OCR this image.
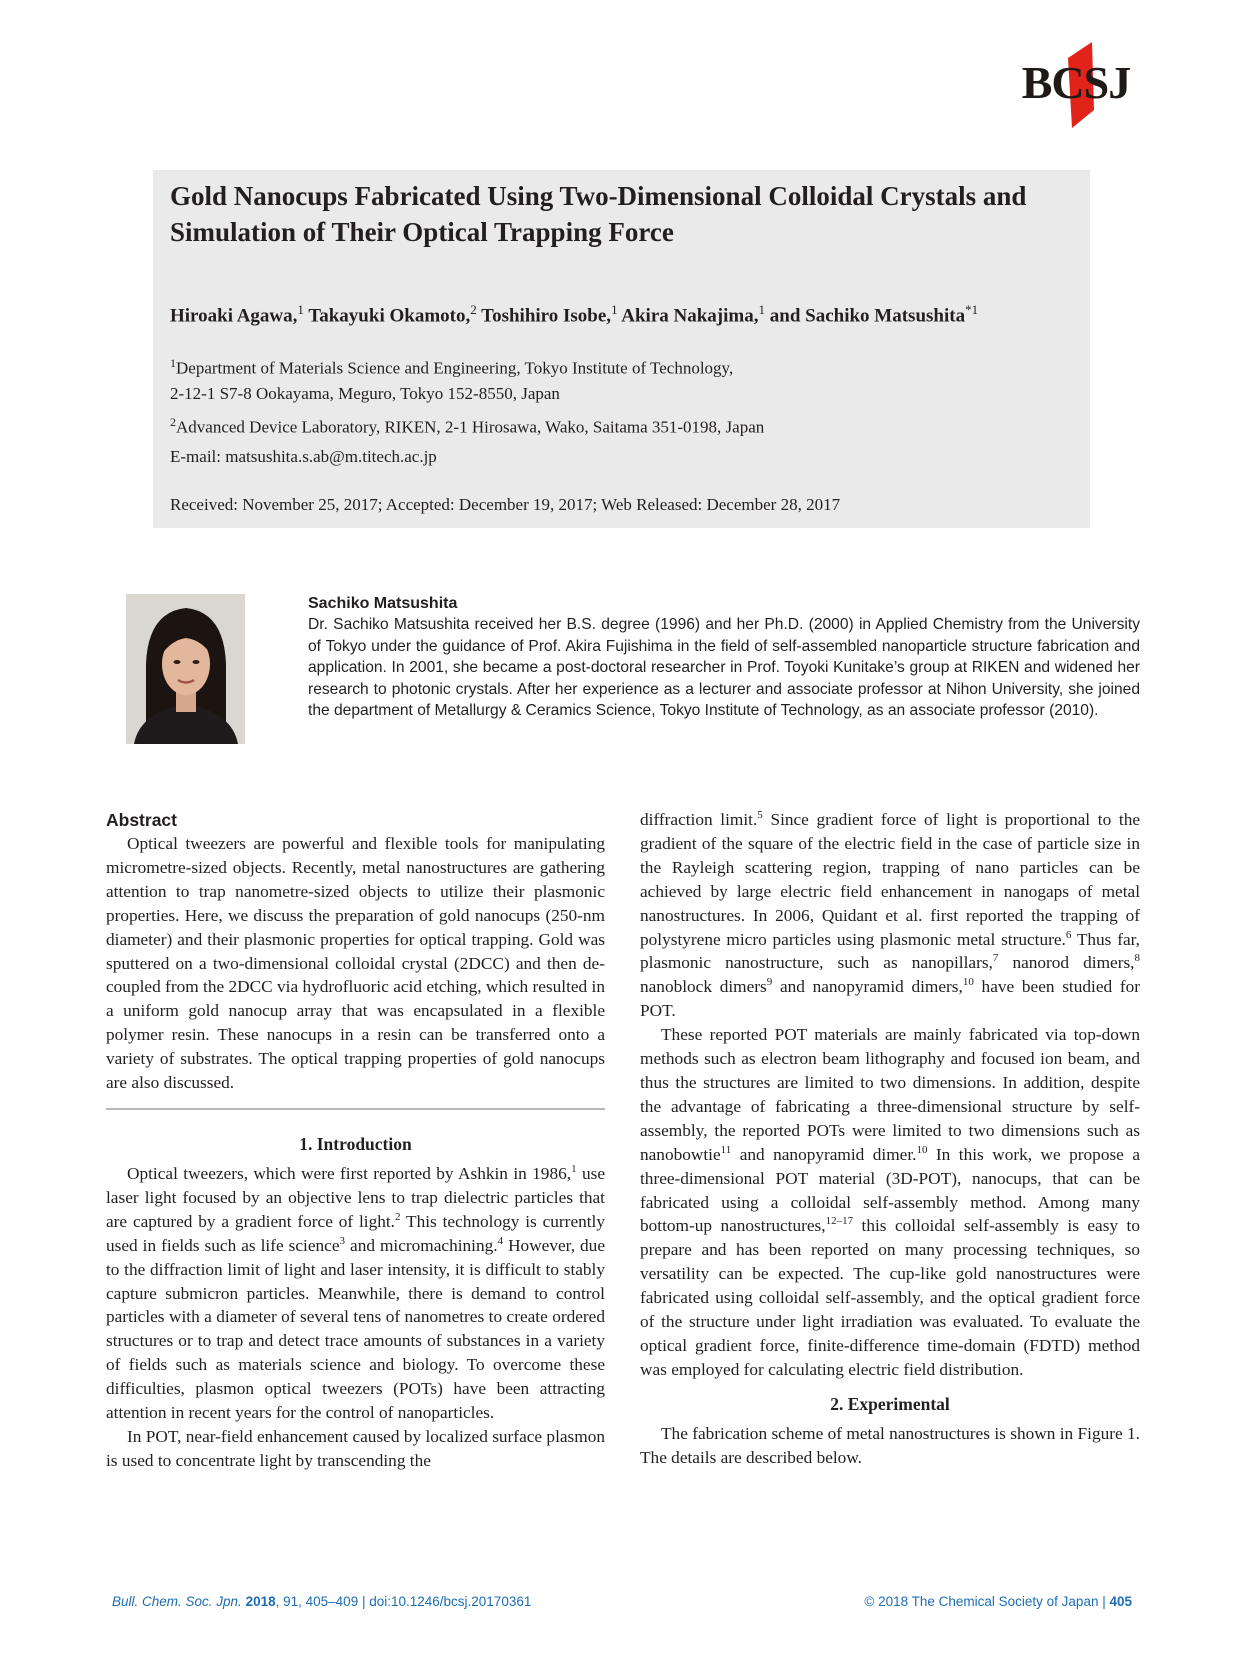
BCSJ
Gold Nanocups Fabricated Using Two-Dimensional Colloidal Crystals and Simulation of Their Optical Trapping Force

Hiroaki Agawa,$^1$ Takayuki Okamoto,$^2$ Toshihiro Isobe,$^1$ Akira Nakajima,$^1$ and Sachiko Matsushita$^{*1}$

$^1$Department of Materials Science and Engineering, Tokyo Institute of Technology,
2-12-1 S7-8 Ookayama, Meguro, Tokyo 152-8550, Japan
$^2$Advanced Device Laboratory, RIKEN, 2-1 Hirosawa, Wako, Saitama 351-0198, Japan

E-mail: matsushita.s.ab@m.titech.ac.jp

Received: November 25, 2017; Accepted: December 19, 2017; Web Released: December 28, 2017

Sachiko Matsushita

Dr. Sachiko Matsushita received her B.S. degree (1996) and her Ph.D. (2000) in Applied Chemistry from the University of Tokyo under the guidance of Prof. Akira Fujishima in the field of self-assembled nanoparticle structure fabrication and application. In 2001, she became a post-doctoral researcher in Prof. Toyoki Kunitake’s group at RIKEN and widened her research to photonic crystals. After her experience as a lecturer and associate professor at Nihon University, she joined the department of Metallurgy & Ceramics Science, Tokyo Institute of Technology, as an associate professor (2010).

Abstract

Optical tweezers are powerful and flexible tools for manipulating micrometre-sized objects. Recently, metal nanostructures are gathering attention to trap nanometre-sized objects to utilize their plasmonic properties. Here, we discuss the preparation of gold nanocups (250-nm diameter) and their plasmonic properties for optical trapping. Gold was sputtered on a two-dimensional colloidal crystal (2DCC) and then de-coupled from the 2DCC via hydrofluoric acid etching, which resulted in a uniform gold nanocup array that was encapsulated in a flexible polymer resin. These nanocups in a resin can be transferred onto a variety of substrates. The optical trapping properties of gold nanocups are also discussed.

1. Introduction

Optical tweezers, which were first reported by Ashkin in 1986,$^1$ use laser light focused by an objective lens to trap dielectric particles that are captured by a gradient force of light.$^2$ This technology is currently used in fields such as life science$^3$ and micromachining.$^4$ However, due to the diffraction limit of light and laser intensity, it is difficult to stably capture submicron particles. Meanwhile, there is demand to control particles with a diameter of several tens of nanometres to create ordered structures or to trap and detect trace amounts of substances in a variety of fields such as materials science and biology. To overcome these difficulties, plasmon optical tweezers (POTs) have been attracting attention in recent years for the control of nanoparticles.

In POT, near-field enhancement caused by localized surface plasmon is used to concentrate light by transcending the

diffraction limit.$^5$ Since gradient force of light is proportional to the gradient of the square of the electric field in the case of particle size in the Rayleigh scattering region, trapping of nano particles can be achieved by large electric field enhancement in nanogaps of metal nanostructures. In 2006, Quidant et al. first reported the trapping of polystyrene micro particles using plasmonic metal structure.$^6$ Thus far, plasmonic nanostructure, such as nanopillars,$^7$ nanorod dimers,$^8$ nanoblock dimers$^9$ and nanopyramid dimers,$^{10}$ have been studied for POT.

These reported POT materials are mainly fabricated via top-down methods such as electron beam lithography and focused ion beam, and thus the structures are limited to two dimensions. In addition, despite the advantage of fabricating a three-dimensional structure by self-assembly, the reported POTs were limited to two dimensions such as nanobowtie$^{11}$ and nanopyramid dimer.$^{10}$ In this work, we propose a three-dimensional POT material (3D-POT), nanocups, that can be fabricated using a colloidal self-assembly method. Among many bottom-up nanostructures,$^{12-17}$ this colloidal self-assembly is easy to prepare and has been reported on many processing techniques, so versatility can be expected. The cup-like gold nanostructures were fabricated using colloidal self-assembly, and the optical gradient force of the structure under light irradiation was evaluated. To evaluate the optical gradient force, finite-difference time-domain (FDTD) method was employed for calculating electric field distribution.

2. Experimental

The fabrication scheme of metal nanostructures is shown in Figure 1. The details are described below.

Bull. Chem. Soc. Jpn. 2018, 91, 405–409 | doi:10.1246/bcsj.20170361	© 2018 The Chemical Society of Japan | 405
